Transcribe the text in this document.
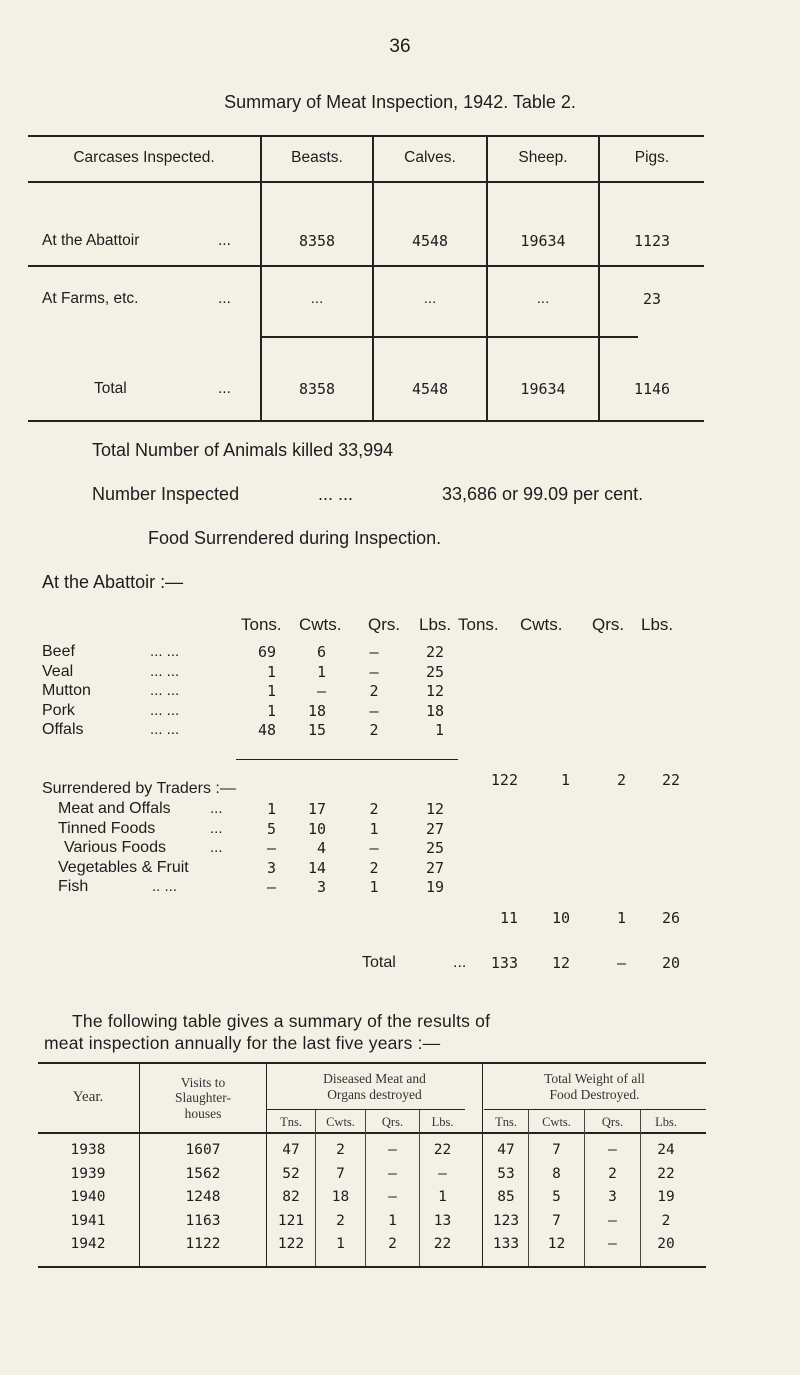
36
Summary of Meat Inspection, 1942. Table 2.
Carcases Inspected.	Beasts.	Calves.	Sheep.	Pigs.
At the Abattoir	...	8358	4548	19634	1123
At Farms, etc.	...	...	...	...	23
Total	...	8358	4548	19634	1146
Total Number of Animals killed 33,994
Number Inspected	... ...	33,686 or 99.09 per cent.
Food Surrendered during Inspection.
At the Abattoir :—
Tons. Cwts. Qrs. Lbs. Tons. Cwts. Qrs. Lbs.
Beef	... ...	69	6	—	22
Veal	... ...	1	1	—	25
Mutton	... ...	1	—	2	12
Pork	... ...	1	18	—	18
Offals	... ...	48	15	2	1
122	1	2	22
Surrendered by Traders :—
Meat and Offals	...	1	17	2	12
Tinned Foods	...	5	10	1	27
Various Foods	...	—	4	—	25
Vegetables & Fruit	3	14	2	27
Fish	.. ...	—	3	1	19
11	10	1	26
Total	...	133	12	—	20
The following table gives a summary of the results of
meat inspection annually for the last five years :—
Year.
Visits to
Slaughter-
houses
Diseased Meat and
Organs destroyed
Total Weight of all
Food Destroyed.
Tns.	Cwts.	Qrs.	Lbs.	Tns.	Cwts.	Qrs.	Lbs.
1938	1607	47	2	—	22	47	7	—	24
1939	1562	52	7	—	—	53	8	2	22
1940	1248	82	18	—	1	85	5	3	19
1941	1163	121	2	1	13	123	7	—	2
1942	1122	122	1	2	22	133	12	—	20
